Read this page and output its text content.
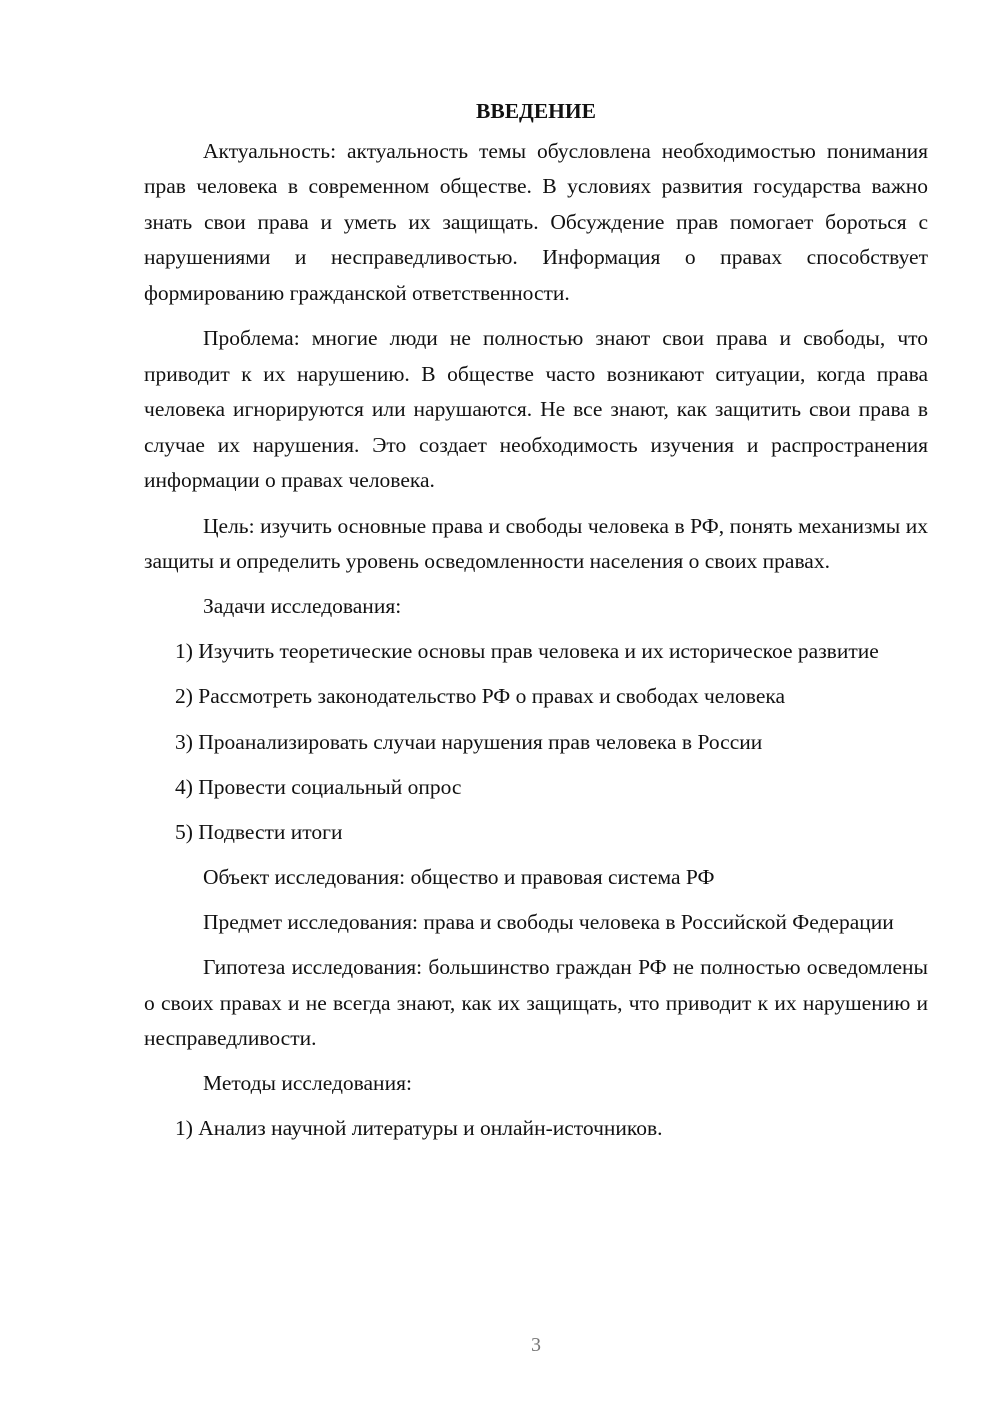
ВВЕДЕНИЕ

Актуальность: актуальность темы обусловлена необходимостью понимания прав человека в современном обществе. В условиях развития государства важно знать свои права и уметь их защищать. Обсуждение прав помогает бороться с нарушениями и несправедливостью. Информация о правах способствует формированию гражданской ответственности.

Проблема: многие люди не полностью знают свои права и свободы, что приводит к их нарушению. В обществе часто возникают ситуации, когда права человека игнорируются или нарушаются. Не все знают, как защитить свои права в случае их нарушения. Это создает необходимость изучения и распространения информации о правах человека.

Цель: изучить основные права и свободы человека в РФ, понять механизмы их защиты и определить уровень осведомленности населения о своих правах.

Задачи исследования:

1) Изучить теоретические основы прав человека и их историческое развитие

2) Рассмотреть законодательство РФ о правах и свободах человека

3) Проанализировать случаи нарушения прав человека в России

4) Провести социальный опрос

5) Подвести итоги

Объект исследования: общество и правовая система РФ

Предмет исследования: права и свободы человека в Российской Федерации

Гипотеза исследования: большинство граждан РФ не полностью осведомлены о своих правах и не всегда знают, как их защищать, что приводит к их нарушению и несправедливости.

Методы исследования:

1) Анализ научной литературы и онлайн-источников.

3
